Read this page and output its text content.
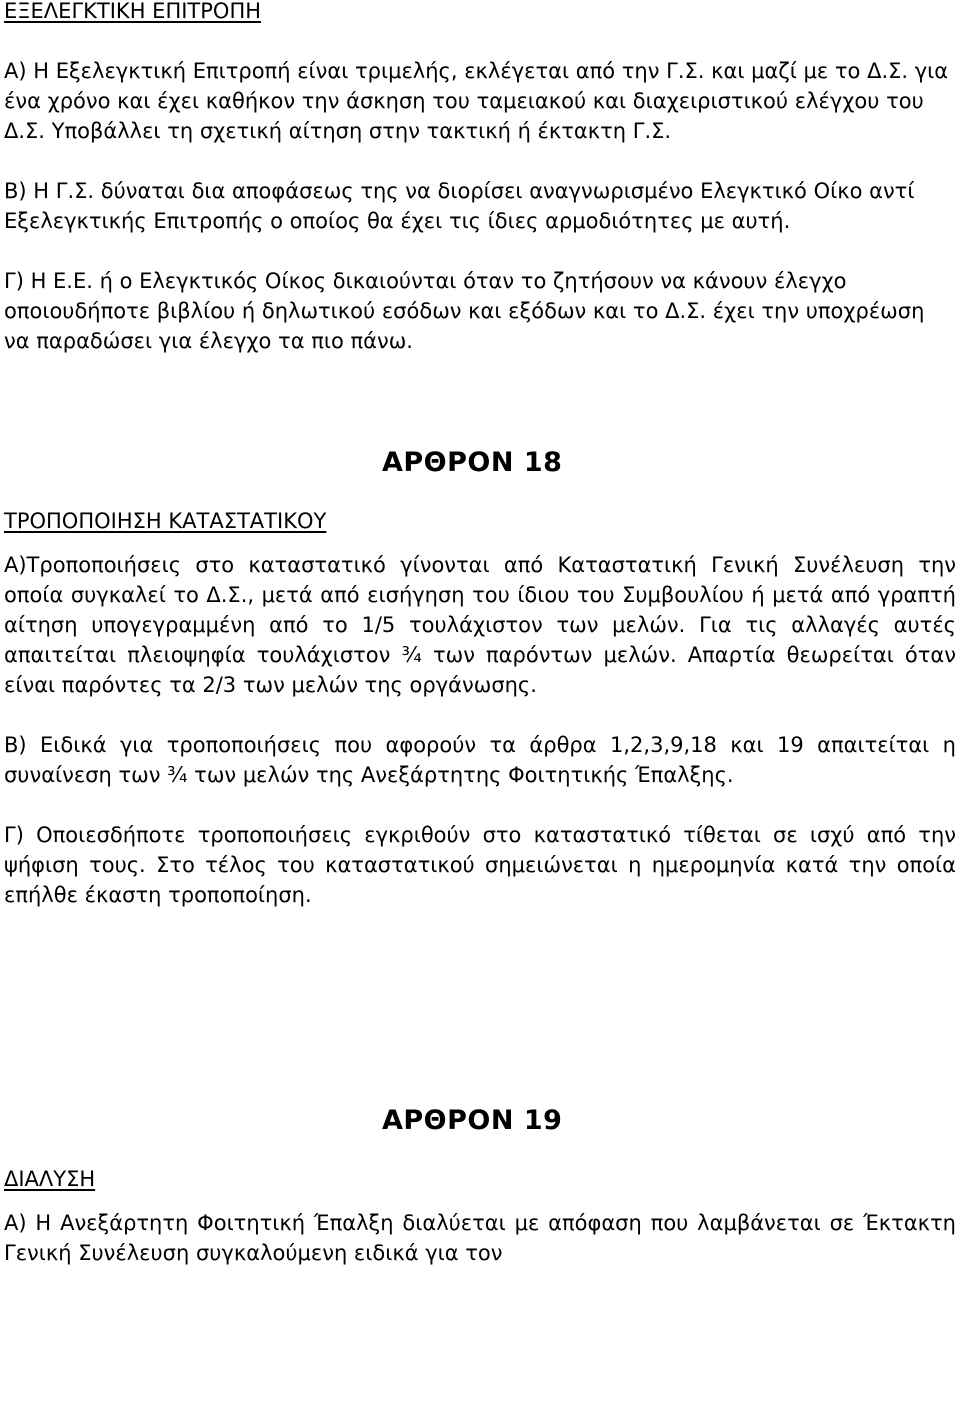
ΕΞΕΛΕΓΚΤΙΚΗ ΕΠΙΤΡΟΠΗ

Α) Η Εξελεγκτική Επιτροπή είναι τριμελής, εκλέγεται από την Γ.Σ. και μαζί με το Δ.Σ. για ένα χρόνο και έχει καθήκον την άσκηση του ταμειακού και διαχειριστικού ελέγχου του Δ.Σ. Υποβάλλει τη σχετική αίτηση στην τακτική ή έκτακτη Γ.Σ.

Β) Η Γ.Σ. δύναται δια αποφάσεως της να διορίσει αναγνωρισμένο Ελεγκτικό Οίκο αντί Εξελεγκτικής Επιτροπής ο οποίος θα έχει τις ίδιες αρμοδιότητες με αυτή.

Γ) Η Ε.Ε. ή ο Ελεγκτικός Οίκος δικαιούνται όταν το ζητήσουν να κάνουν έλεγχο οποιουδήποτε βιβλίου ή δηλωτικού εσόδων και εξόδων και το Δ.Σ. έχει την υποχρέωση να παραδώσει για έλεγχο τα πιο πάνω.

ΑΡΘΡΟΝ 18
ΤΡΟΠΟΠΟΙΗΣΗ ΚΑΤΑΣΤΑΤΙΚΟΥ

Α)Τροποποιήσεις στο καταστατικό γίνονται από Καταστατική Γενική Συνέλευση την οποία συγκαλεί το Δ.Σ., μετά από εισήγηση του ίδιου του Συμβουλίου ή μετά από γραπτή αίτηση υπογεγραμμένη από το 1/5 τουλάχιστον των μελών. Για τις αλλαγές αυτές απαιτείται πλειοψηφία τουλάχιστον ¾ των παρόντων μελών. Απαρτία θεωρείται όταν είναι παρόντες τα 2/3 των μελών της οργάνωσης.

Β) Ειδικά για τροποποιήσεις που αφορούν τα άρθρα 1,2,3,9,18 και 19 απαιτείται η συναίνεση των ¾ των μελών της Ανεξάρτητης Φοιτητικής Έπαλξης.

Γ) Οποιεσδήποτε τροποποιήσεις εγκριθούν στο καταστατικό τίθεται σε ισχύ από την ψήφιση τους. Στο τέλος του καταστατικού σημειώνεται η ημερομηνία κατά την οποία επήλθε έκαστη τροποποίηση.

ΑΡΘΡΟΝ 19
ΔΙΑΛΥΣΗ

Α) Η Ανεξάρτητη Φοιτητική Έπαλξη διαλύεται με απόφαση που λαμβάνεται σε Έκτακτη Γενική Συνέλευση συγκαλούμενη ειδικά για τον
